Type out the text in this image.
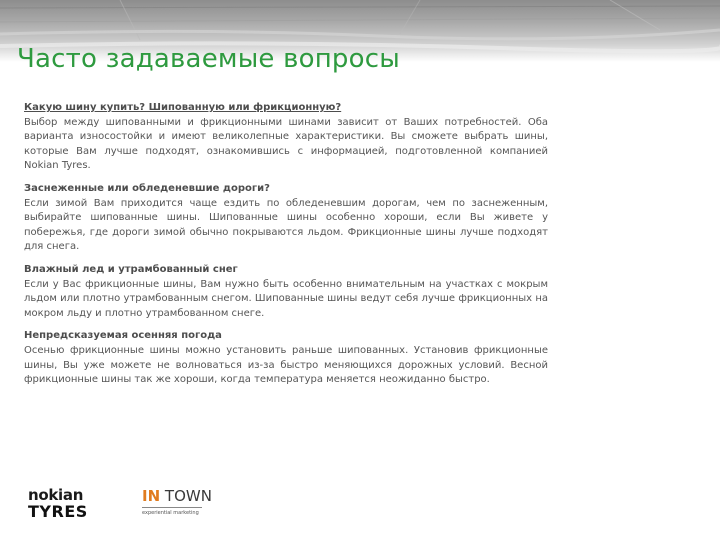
Часто задаваемые вопросы
Какую шину купить? Шипованную или фрикционную?
Выбор между шипованными и фрикционными шинами зависит от Ваших потребностей. Оба варианта износостойки и имеют великолепные характеристики. Вы сможете выбрать шины, которые Вам лучше подходят, ознакомившись с информацией, подготовленной компанией Nokian Tyres.
Заснеженные или обледеневшие дороги?
Если зимой Вам приходится чаще ездить по обледеневшим дорогам, чем по заснеженным, выбирайте шипованные шины. Шипованные шины особенно хороши, если Вы живете у побережья, где дороги зимой обычно покрываются льдом. Фрикционные шины лучше подходят для снега.
Влажный лед и утрамбованный снег
Если у Вас фрикционные шины, Вам нужно быть особенно внимательным на участках с мокрым льдом или плотно утрамбованным снегом. Шипованные шины ведут себя лучше фрикционных на мокром льду и плотно утрамбованном снеге.
Непредсказуемая осенняя погода
Осенью фрикционные шины можно установить раньше шипованных. Установив фрикционные шины, Вы уже можете не волноваться из-за быстро меняющихся дорожных условий. Весной фрикционные шины так же хороши, когда температура меняется неожиданно быстро.
nokian
TYRES
IN TOWN
experiential marketing
